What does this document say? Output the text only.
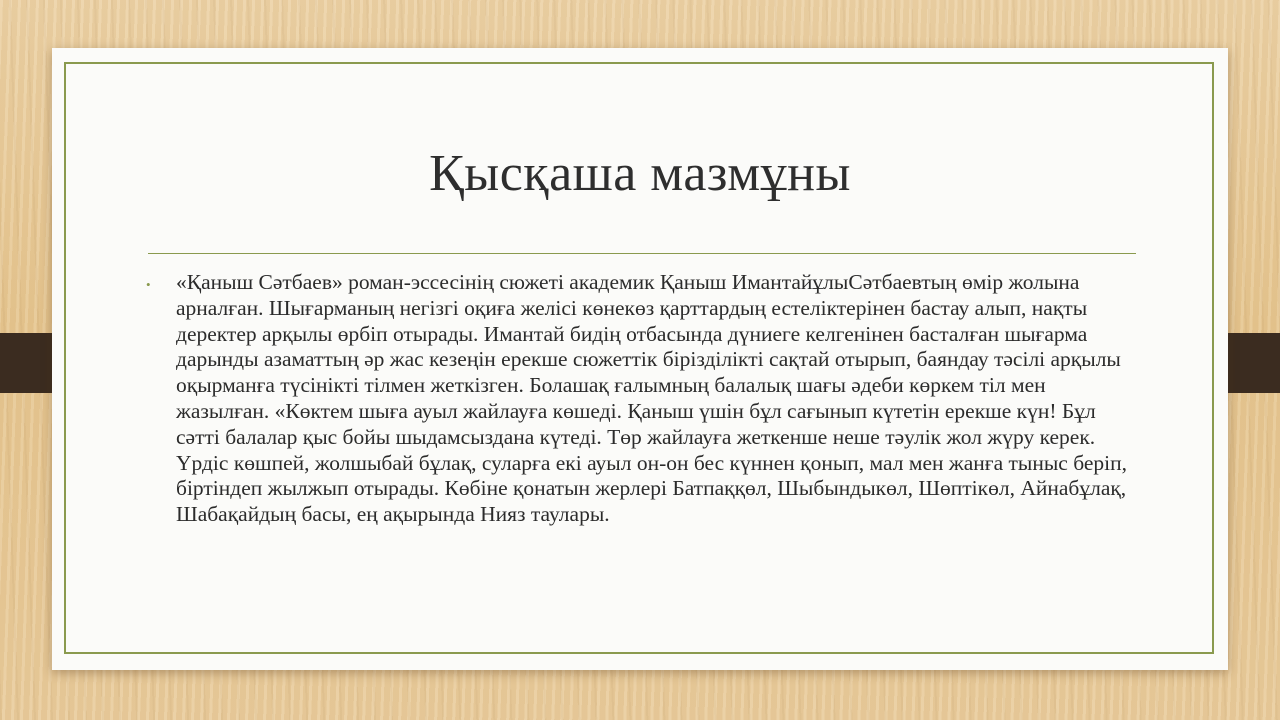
Қысқаша мазмұны
• «Қаныш Сәтбаев» роман-эссесінің сюжеті академик Қаныш ИмантайұлыСәтбаевтың өмір жолына арналған. Шығарманың негізгі оқиға желісі көнекөз қарттардың естеліктерінен бастау алып, нақты деректер арқылы өрбіп отырады. Имантай бидің отбасында дүниеге келгенінен басталған шығарма дарынды азаматтың әр жас кезеңін ерекше сюжеттік бірізділікті сақтай отырып, баяндау тәсілі арқылы оқырманға түсінікті тілмен жеткізген. Болашақ ғалымның балалық шағы әдеби көркем тіл мен жазылған. «Көктем шыға ауыл жайлауға көшеді. Қаныш үшін бұл сағынып күтетін ерекше күн! Бұл сәтті балалар қыс бойы шыдамсыздана күтеді. Төр жайлауға жеткенше неше тәулік жол жүру керек. Үрдіс көшпей, жолшыбай бұлақ, суларға екі ауыл он-он бес күннен қонып, мал мен жанға тыныс беріп, біртіндеп жылжып отырады. Көбіне қонатын жерлері Батпаққөл, Шыбындыкөл, Шөптікөл, Айнабұлақ, Шабақайдың басы, ең ақырында Нияз таулары.
